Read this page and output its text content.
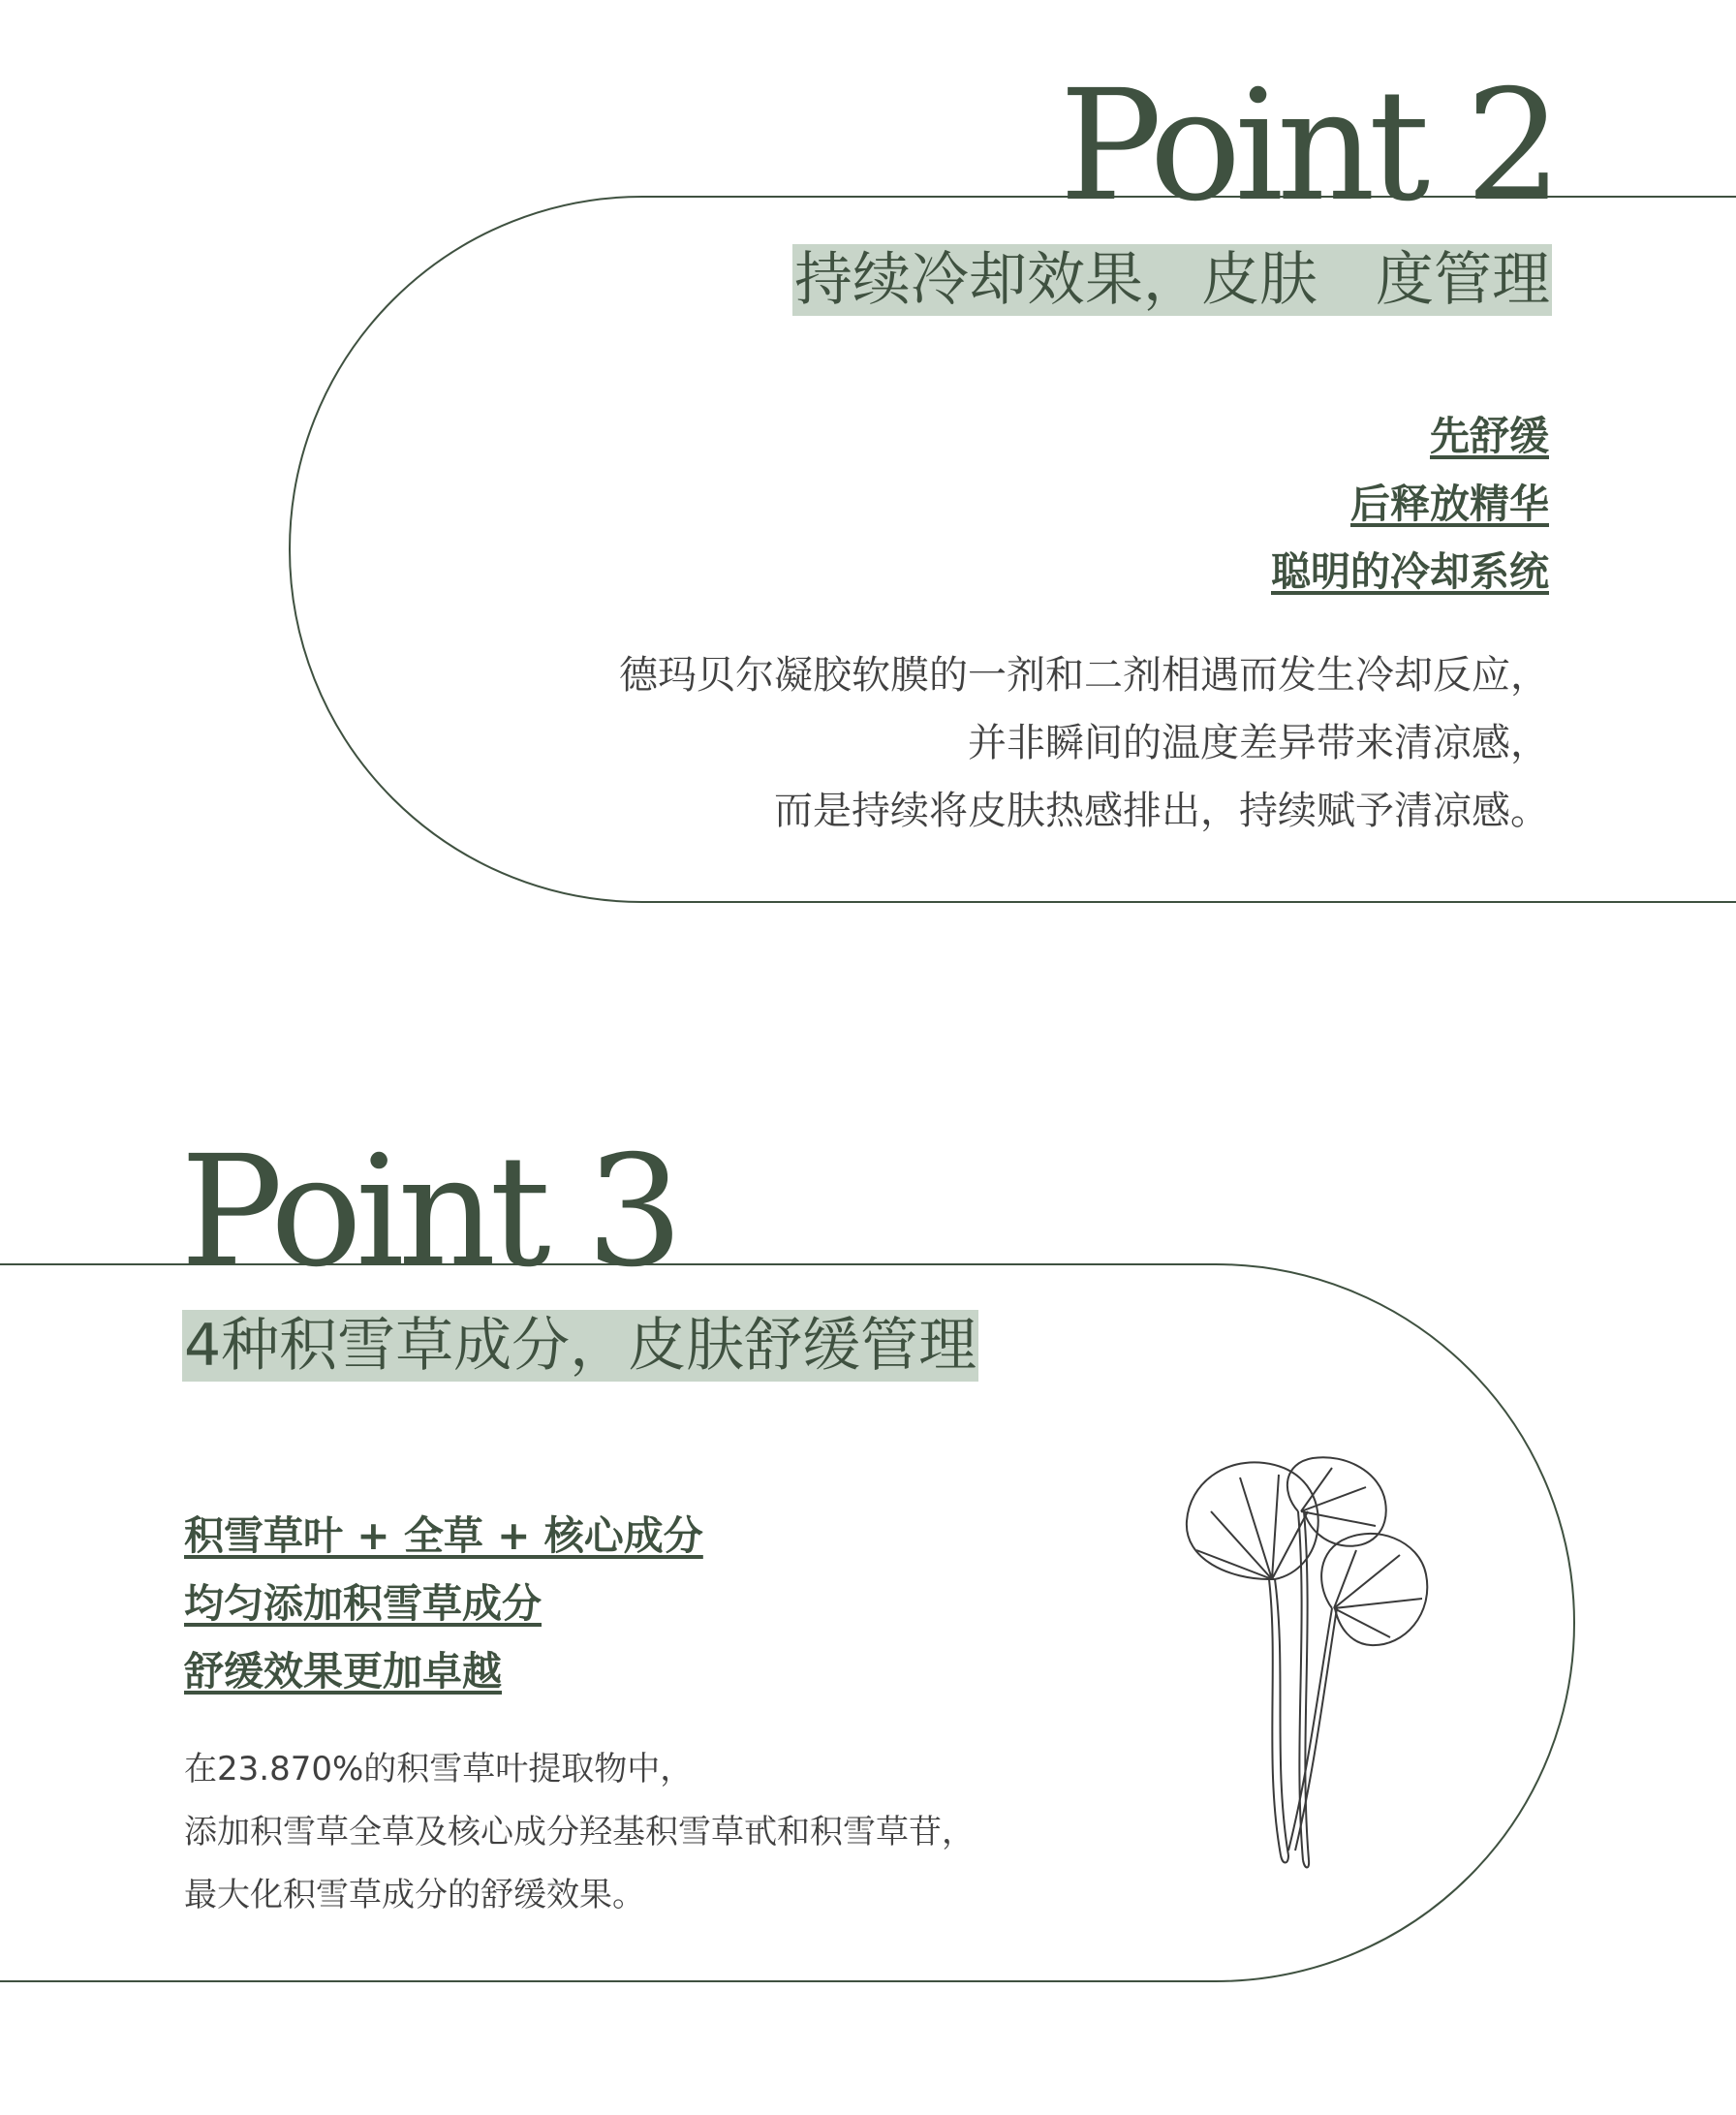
Point 2
持续冷却效果，皮肤　度管理
先舒缓
后释放精华
聪明的冷却系统
德玛贝尔凝胶软膜的一剂和二剂相遇而发生冷却反应，
并非瞬间的温度差异带来清凉感，
而是持续将皮肤热感排出，持续赋予清凉感。
Point 3
4种积雪草成分，皮肤舒缓管理
积雪草叶 + 全草 + 核心成分
均匀添加积雪草成分
舒缓效果更加卓越
在23.870%的积雪草叶提取物中，
添加积雪草全草及核心成分羟基积雪草甙和积雪草苷，
最大化积雪草成分的舒缓效果。
